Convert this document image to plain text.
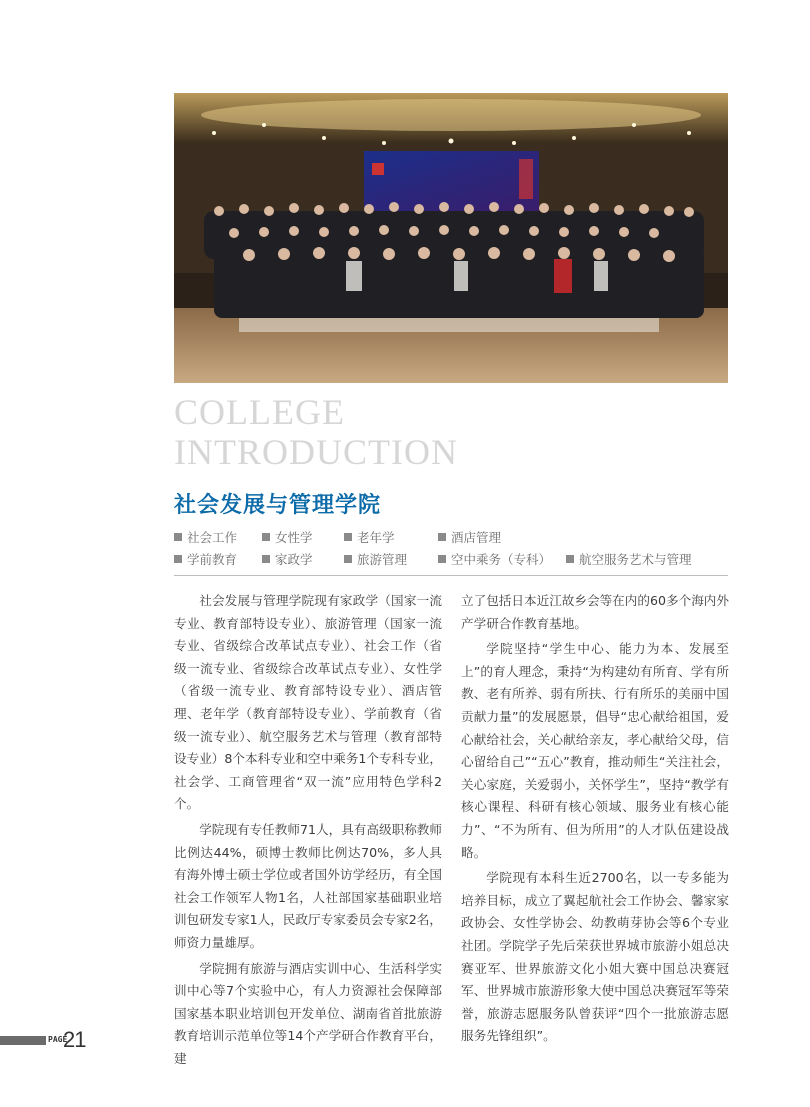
COLLEGE
INTRODUCTION
社会发展与管理学院
社会工作	女性学	老年学	酒店管理
学前教育	家政学	旅游管理	空中乘务（专科）	航空服务艺术与管理

社会发展与管理学院现有家政学（国家一流专业、教育部特设专业）、旅游管理（国家一流专业、省级综合改革试点专业）、社会工作（省级一流专业、省级综合改革试点专业）、女性学（省级一流专业、教育部特设专业）、酒店管理、老年学（教育部特设专业）、学前教育（省级一流专业）、航空服务艺术与管理（教育部特设专业）8个本科专业和空中乘务1个专科专业，社会学、工商管理省“双一流”应用特色学科2个。

学院现有专任教师71人，具有高级职称教师比例达44%，硕博士教师比例达70%，多人具有海外博士硕士学位或者国外访学经历，有全国社会工作领军人物1名，人社部国家基础职业培训包研发专家1人，民政厅专家委员会专家2名，师资力量雄厚。

学院拥有旅游与酒店实训中心、生活科学实训中心等7个实验中心，有人力资源社会保障部国家基本职业培训包开发单位、湖南省首批旅游教育培训示范单位等14个产学研合作教育平台，建

立了包括日本近江故乡会等在内的60多个海内外产学研合作教育基地。

学院坚持“学生中心、能力为本、发展至上”的育人理念，秉持“为构建幼有所育、学有所教、老有所养、弱有所扶、行有所乐的美丽中国贡献力量”的发展愿景，倡导“忠心献给祖国，爱心献给社会，关心献给亲友，孝心献给父母，信心留给自己”“五心”教育，推动师生“关注社会，关心家庭，关爱弱小，关怀学生”，坚持“教学有核心课程、科研有核心领域、服务业有核心能力”、“不为所有、但为所用”的人才队伍建设战略。

学院现有本科生近2700名，以一专多能为培养目标，成立了翼起航社会工作协会、馨家家政协会、女性学协会、幼教萌芽协会等6个专业社团。学院学子先后荣获世界城市旅游小姐总决赛亚军、世界旅游文化小姐大赛中国总决赛冠军、世界城市旅游形象大使中国总决赛冠军等荣誉，旅游志愿服务队曾获评“四个一批旅游志愿服务先锋组织”。

PAGE
21
